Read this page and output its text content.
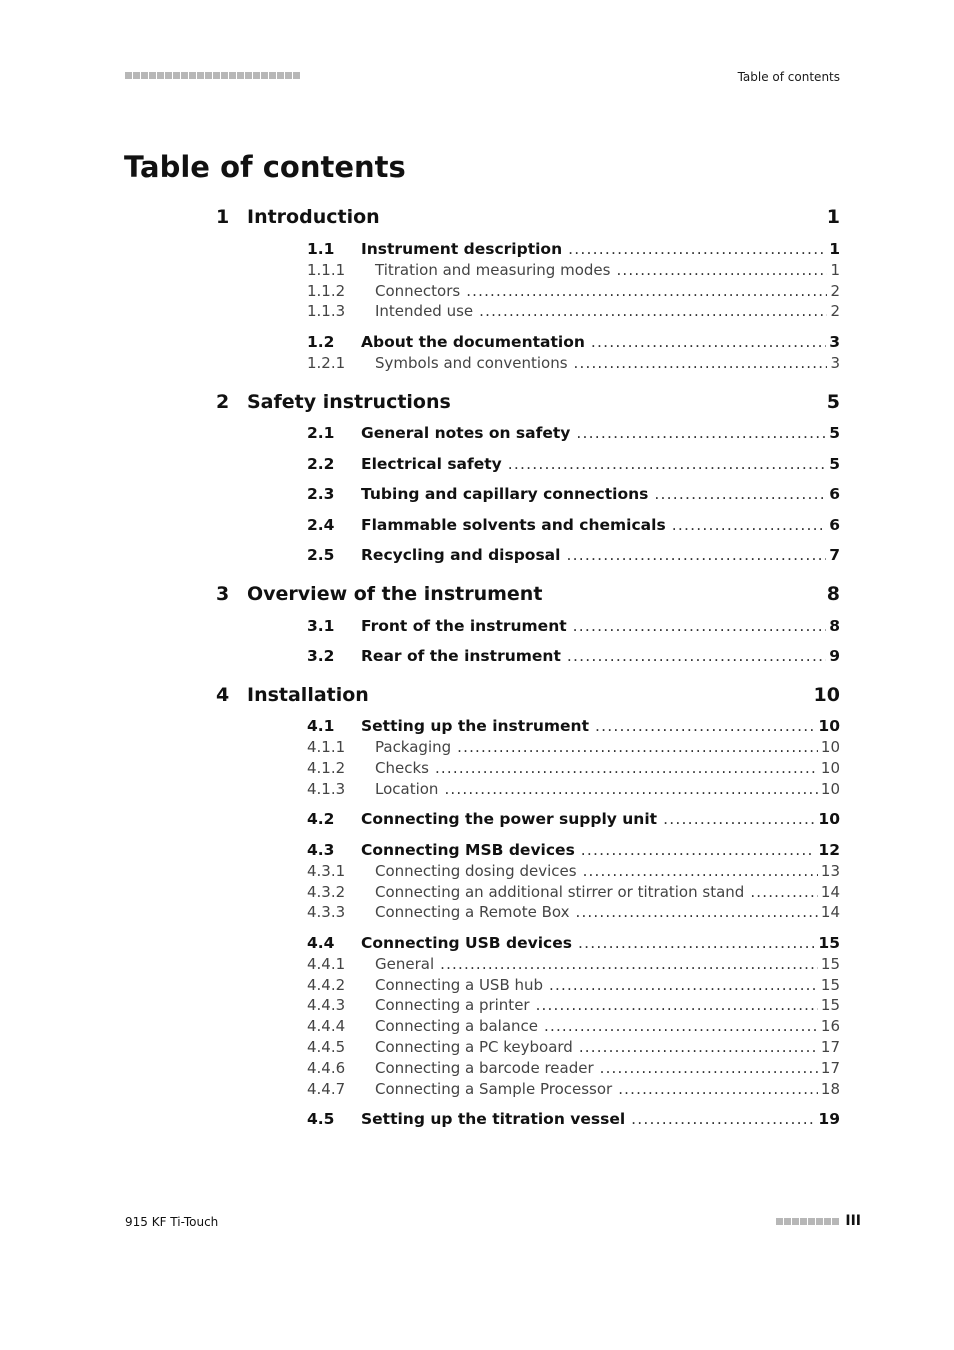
Table of contents
Table of contents
1 Introduction	1
1.1 Instrument description .....	1
1.1.1 Titration and measuring modes .....	1
1.1.2 Connectors .....	2
1.1.3 Intended use .....	2
1.2 About the documentation .....	3
1.2.1 Symbols and conventions .....	3
2 Safety instructions	5
2.1 General notes on safety .....	5
2.2 Electrical safety .....	5
2.3 Tubing and capillary connections .....	6
2.4 Flammable solvents and chemicals .....	6
2.5 Recycling and disposal .....	7
3 Overview of the instrument	8
3.1 Front of the instrument .....	8
3.2 Rear of the instrument .....	9
4 Installation	10
4.1 Setting up the instrument .....	10
4.1.1 Packaging .....	10
4.1.2 Checks .....	10
4.1.3 Location .....	10
4.2 Connecting the power supply unit .....	10
4.3 Connecting MSB devices .....	12
4.3.1 Connecting dosing devices .....	13
4.3.2 Connecting an additional stirrer or titration stand .....	14
4.3.3 Connecting a Remote Box .....	14
4.4 Connecting USB devices .....	15
4.4.1 General .....	15
4.4.2 Connecting a USB hub .....	15
4.4.3 Connecting a printer .....	15
4.4.4 Connecting a balance .....	16
4.4.5 Connecting a PC keyboard .....	17
4.4.6 Connecting a barcode reader .....	17
4.4.7 Connecting a Sample Processor .....	18
4.5 Setting up the titration vessel .....	19
915 KF Ti-Touch	III
